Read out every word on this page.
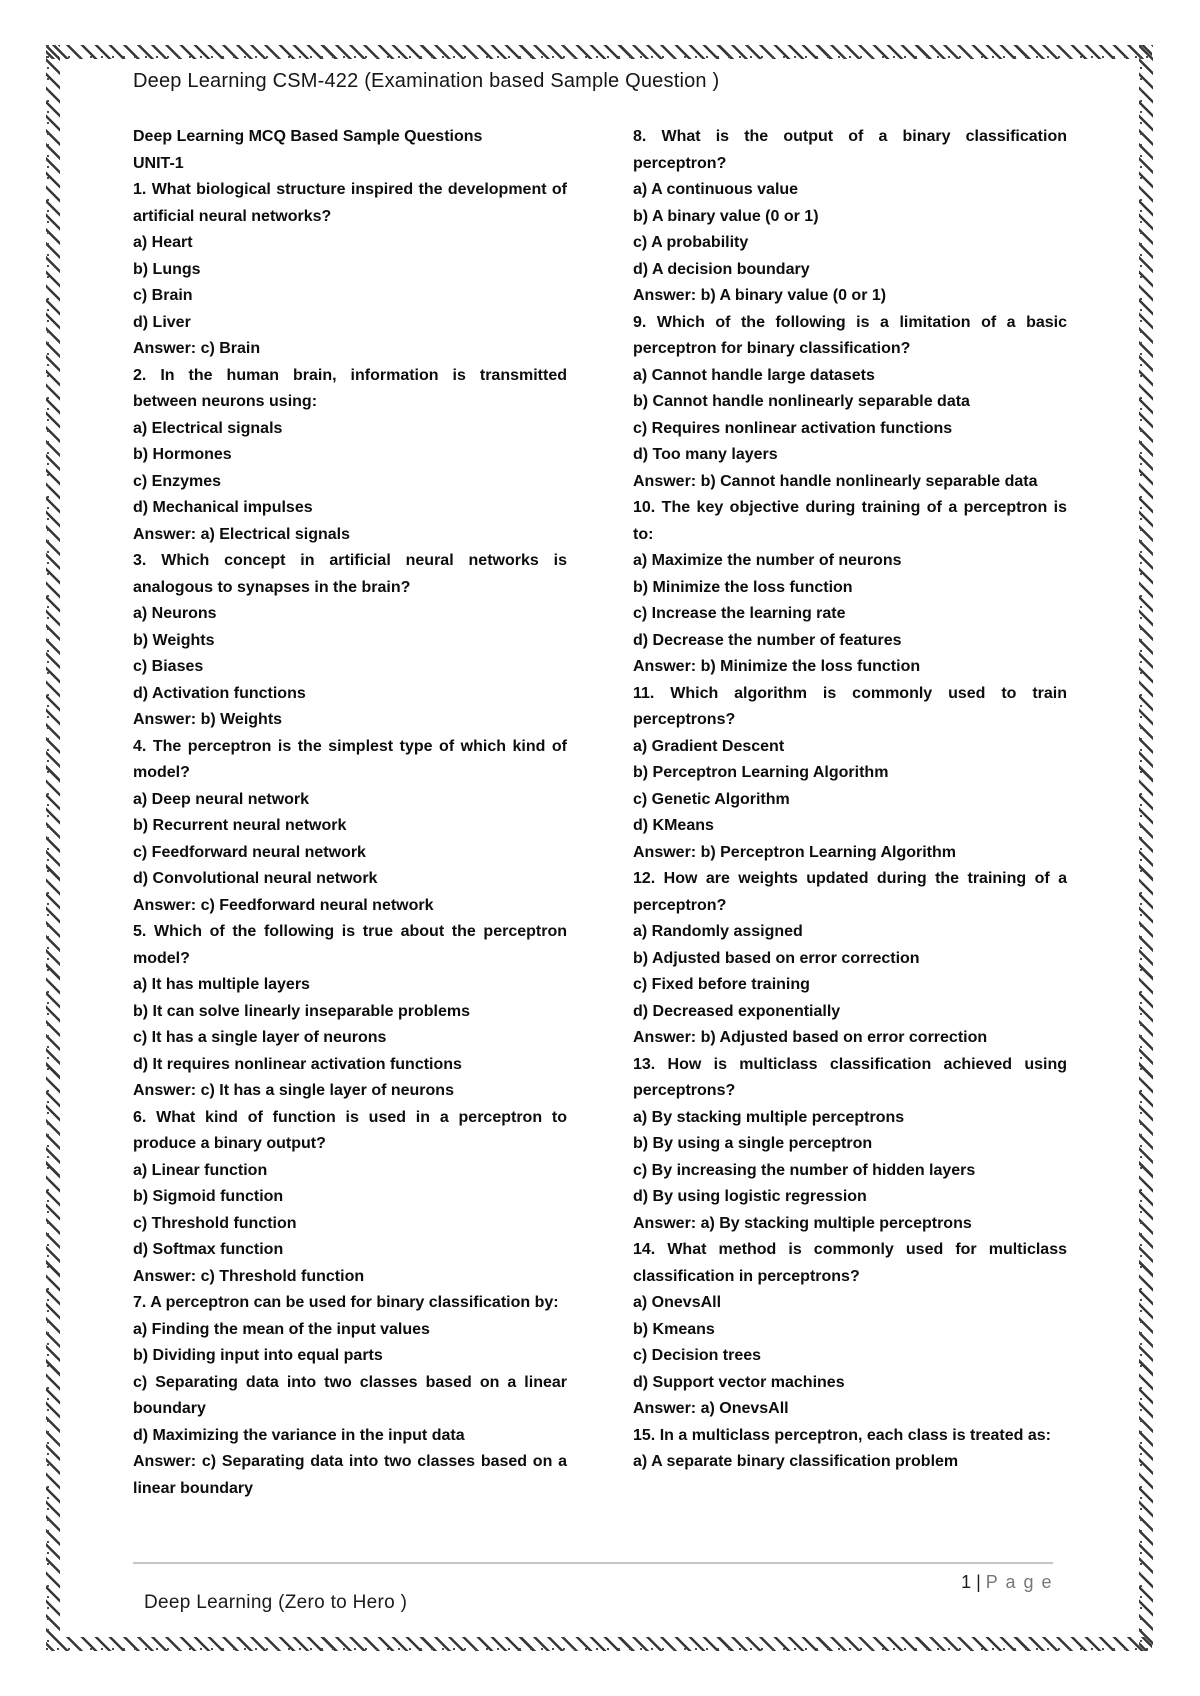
Deep Learning CSM-422 (Examination based Sample Question )

Deep Learning MCQ Based Sample Questions

UNIT-1

1. What biological structure inspired the development of artificial neural networks?

a) Heart

b) Lungs

c) Brain

d) Liver

Answer: c) Brain

2. In the human brain, information is transmitted between neurons using:

a) Electrical signals

b) Hormones

c) Enzymes

d) Mechanical impulses

Answer: a) Electrical signals

3. Which concept in artificial neural networks is analogous to synapses in the brain?

a) Neurons

b) Weights

c) Biases

d) Activation functions

Answer: b) Weights

4. The perceptron is the simplest type of which kind of model?

a) Deep neural network

b) Recurrent neural network

c) Feedforward neural network

d) Convolutional neural network

Answer: c) Feedforward neural network

5. Which of the following is true about the perceptron model?

a) It has multiple layers

b) It can solve linearly inseparable problems

c) It has a single layer of neurons

d) It requires nonlinear activation functions

Answer: c) It has a single layer of neurons

6. What kind of function is used in a perceptron to produce a binary output?

a) Linear function

b) Sigmoid function

c) Threshold function

d) Softmax function

Answer: c) Threshold function

7. A perceptron can be used for binary classification by:

a) Finding the mean of the input values

b) Dividing input into equal parts

c) Separating data into two classes based on a linear boundary

d) Maximizing the variance in the input data

Answer: c) Separating data into two classes based on a linear boundary

8. What is the output of a binary classification perceptron?

a) A continuous value

b) A binary value (0 or 1)

c) A probability

d) A decision boundary

Answer: b) A binary value (0 or 1)

9. Which of the following is a limitation of a basic perceptron for binary classification?

a) Cannot handle large datasets

b) Cannot handle nonlinearly separable data

c) Requires nonlinear activation functions

d) Too many layers

Answer: b) Cannot handle nonlinearly separable data

10. The key objective during training of a perceptron is to:

a) Maximize the number of neurons

b) Minimize the loss function

c) Increase the learning rate

d) Decrease the number of features

Answer: b) Minimize the loss function

11. Which algorithm is commonly used to train perceptrons?

a) Gradient Descent

b) Perceptron Learning Algorithm

c) Genetic Algorithm

d) KMeans

Answer: b) Perceptron Learning Algorithm

12. How are weights updated during the training of a perceptron?

a) Randomly assigned

b) Adjusted based on error correction

c) Fixed before training

d) Decreased exponentially

Answer: b) Adjusted based on error correction

13. How is multiclass classification achieved using perceptrons?

a) By stacking multiple perceptrons

b) By using a single perceptron

c) By increasing the number of hidden layers

d) By using logistic regression

Answer: a) By stacking multiple perceptrons

14. What method is commonly used for multiclass classification in perceptrons?

a) OnevsAll

b) Kmeans

c) Decision trees

d) Support vector machines

Answer: a) OnevsAll

15. In a multiclass perceptron, each class is treated as:

a) A separate binary classification problem

1 | P a g e
Deep Learning (Zero to Hero )
